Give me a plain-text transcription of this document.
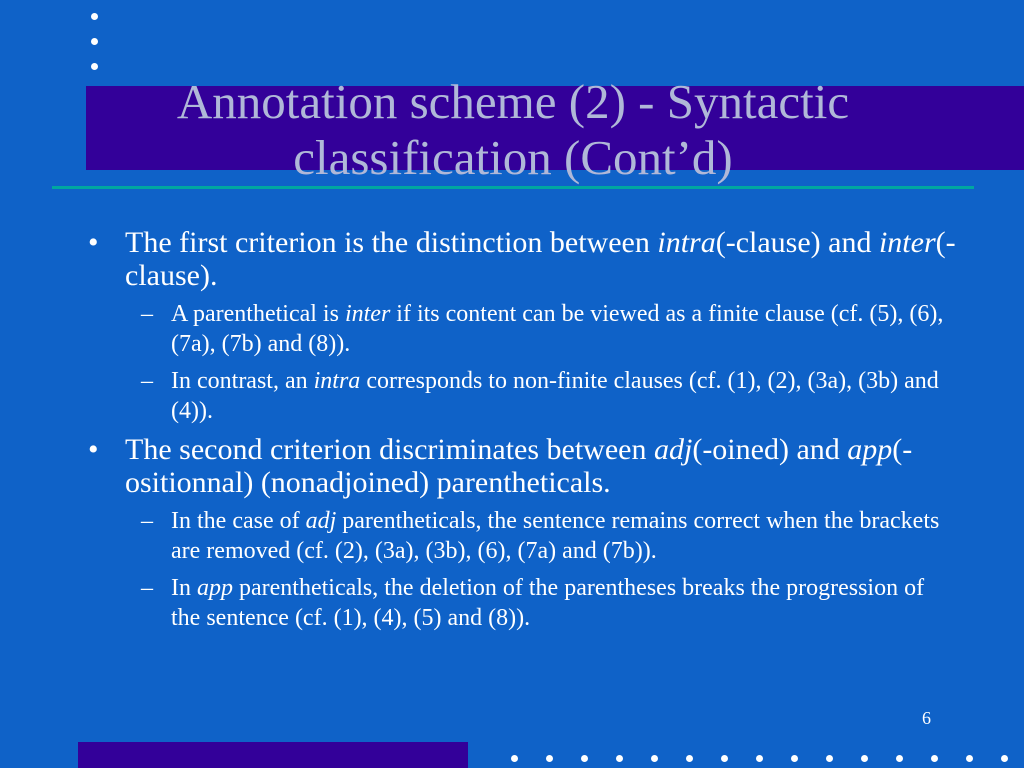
Annotation scheme (2) - Syntactic classification (Cont’d)
• The first criterion is the distinction between intra(-clause) and inter(-clause).
– A parenthetical is inter if its content can be viewed as a finite clause (cf. (5), (6), (7a), (7b) and (8)).
– In contrast, an intra corresponds to non-finite clauses (cf. (1), (2), (3a), (3b) and (4)).
• The second criterion discriminates between adj(-oined) and app(-ositionnal) (nonadjoined) parentheticals.
– In the case of adj parentheticals, the sentence remains correct when the brackets are removed (cf. (2), (3a), (3b), (6), (7a) and (7b)).
– In app parentheticals, the deletion of the parentheses breaks the progression of the sentence (cf. (1), (4), (5) and (8)).
6
